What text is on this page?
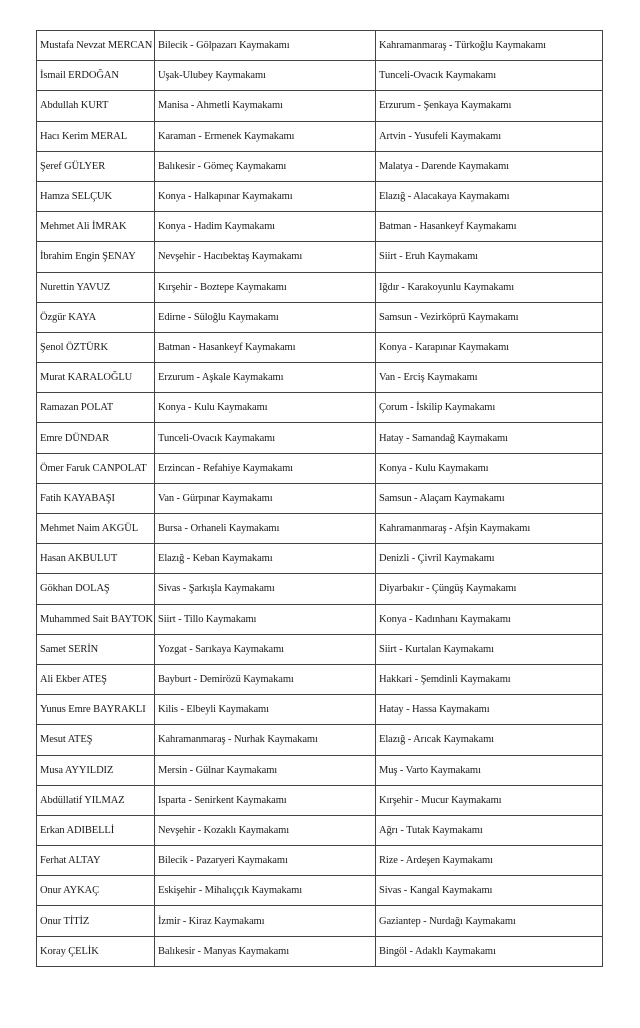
Mustafa Nevzat MERCAN	Bilecik - Gölpazarı Kaymakamı	Kahramanmaraş - Türkoğlu Kaymakamı
İsmail ERDOĞAN	Uşak-Ulubey Kaymakamı	Tunceli-Ovacık Kaymakamı
Abdullah KURT	Manisa - Ahmetli Kaymakamı	Erzurum - Şenkaya Kaymakamı
Hacı Kerim MERAL	Karaman - Ermenek Kaymakamı	Artvin - Yusufeli Kaymakamı
Şeref GÜLYER	Balıkesir - Gömeç Kaymakamı	Malatya - Darende Kaymakamı
Hamza SELÇUK	Konya - Halkapınar Kaymakamı	Elazığ - Alacakaya Kaymakamı
Mehmet Ali İMRAK	Konya - Hadim Kaymakamı	Batman - Hasankeyf Kaymakamı
İbrahim Engin ŞENAY	Nevşehir - Hacıbektaş Kaymakamı	Siirt - Eruh Kaymakamı
Nurettin YAVUZ	Kırşehir - Boztepe Kaymakamı	Iğdır - Karakoyunlu Kaymakamı
Özgür KAYA	Edirne - Süloğlu Kaymakamı	Samsun - Vezirköprü Kaymakamı
Şenol ÖZTÜRK	Batman - Hasankeyf Kaymakamı	Konya - Karapınar Kaymakamı
Murat KARALOĞLU	Erzurum - Aşkale Kaymakamı	Van - Erciş Kaymakamı
Ramazan POLAT	Konya - Kulu Kaymakamı	Çorum - İskilip Kaymakamı
Emre DÜNDAR	Tunceli-Ovacık Kaymakamı	Hatay - Samandağ Kaymakamı
Ömer Faruk CANPOLAT	Erzincan - Refahiye Kaymakamı	Konya - Kulu Kaymakamı
Fatih KAYABAŞI	Van - Gürpınar Kaymakamı	Samsun - Alaçam Kaymakamı
Mehmet Naim AKGÜL	Bursa - Orhaneli Kaymakamı	Kahramanmaraş - Afşin Kaymakamı
Hasan AKBULUT	Elazığ - Keban Kaymakamı	Denizli - Çivril Kaymakamı
Gökhan DOLAŞ	Sivas - Şarkışla Kaymakamı	Diyarbakır - Çüngüş Kaymakamı
Muhammed Sait BAYTOK	Siirt - Tillo Kaymakamı	Konya - Kadınhanı Kaymakamı
Samet SERİN	Yozgat - Sarıkaya Kaymakamı	Siirt - Kurtalan Kaymakamı
Ali Ekber ATEŞ	Bayburt - Demirözü Kaymakamı	Hakkari - Şemdinli Kaymakamı
Yunus Emre BAYRAKLI	Kilis - Elbeyli Kaymakamı	Hatay - Hassa Kaymakamı
Mesut ATEŞ	Kahramanmaraş - Nurhak Kaymakamı	Elazığ - Arıcak Kaymakamı
Musa AYYILDIZ	Mersin - Gülnar Kaymakamı	Muş - Varto Kaymakamı
Abdüllatif YILMAZ	Isparta - Senirkent Kaymakamı	Kırşehir - Mucur Kaymakamı
Erkan ADIBELLİ	Nevşehir - Kozaklı Kaymakamı	Ağrı - Tutak Kaymakamı
Ferhat ALTAY	Bilecik - Pazaryeri Kaymakamı	Rize - Ardeşen Kaymakamı
Onur AYKAÇ	Eskişehir - Mihalıççık Kaymakamı	Sivas - Kangal Kaymakamı
Onur TİTİZ	İzmir - Kiraz Kaymakamı	Gaziantep - Nurdağı Kaymakamı
Koray ÇELİK	Balıkesir - Manyas Kaymakamı	Bingöl - Adaklı Kaymakamı
